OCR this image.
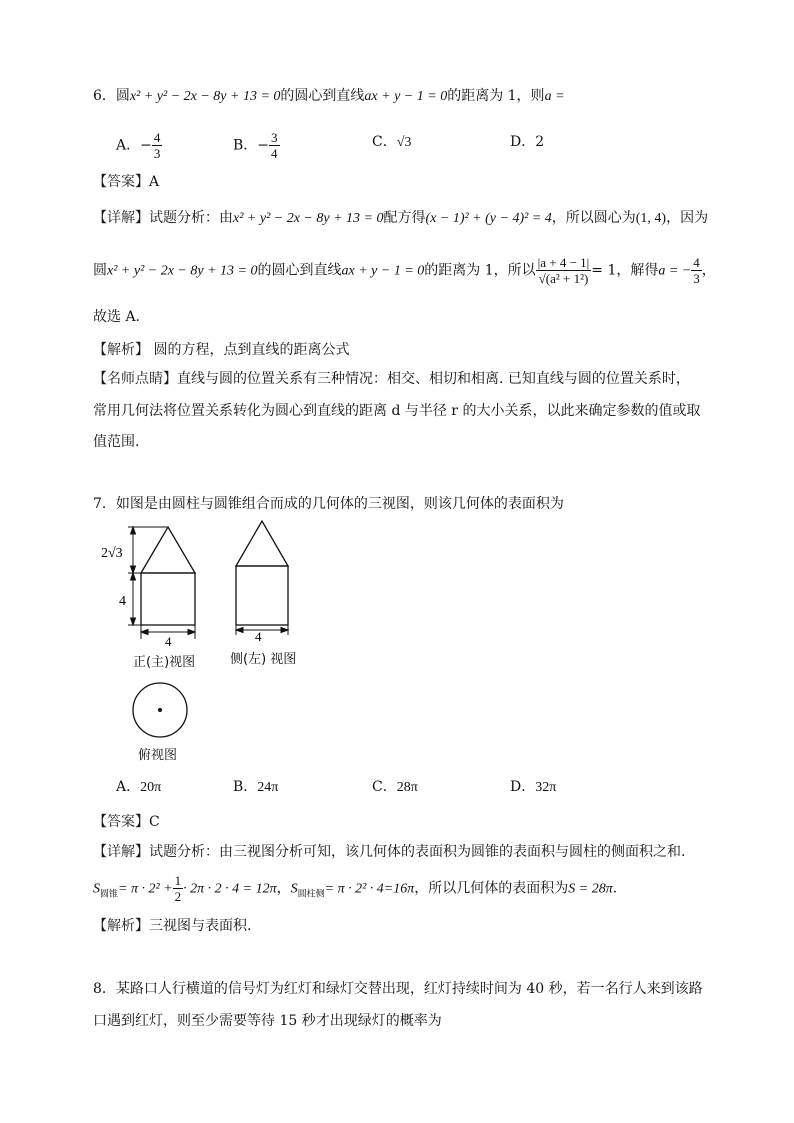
6．圆x² + y² − 2x − 8y + 13 = 0的圆心到直线ax + y − 1 = 0的距离为 1，则a =
A．− $\frac{4}{3}$	B．− $\frac{3}{4}$	C．√3	D．2
【答案】A
【详解】试题分析：由x² + y² − 2x − 8y + 13 = 0配方得(x − 1)² + (y − 4)² = 4，所以圆心为(1, 4)，因为
圆x² + y² − 2x − 8y + 13 = 0的圆心到直线ax + y − 1 = 0的距离为 1，所以 $\frac{|a + 4 - 1|}{\text{√(a² + 1²)}} = 1$，解得a = − $\frac{4}{3}$ ，
故选 A.
【解析】 圆的方程，点到直线的距离公式
【名师点睛】直线与圆的位置关系有三种情况：相交、相切和相离. 已知直线与圆的位置关系时，
常用几何法将位置关系转化为圆心到直线的距离 d 与半径 r 的大小关系，以此来确定参数的值或取
值范围.
7．如图是由圆柱与圆锥组合而成的几何体的三视图，则该几何体的表面积为
2√3
4
4	4
正(主)视图	侧(左) 视图
俯视图
A．20π	B．24π	C．28π	D．32π
【答案】C
【详解】试题分析：由三视图分析可知，该几何体的表面积为圆锥的表面积与圆柱的侧面积之和.
$S_{圆锥}= \pi \cdot 2^2 + \frac{1}{2} \cdot 2\pi \cdot 2 \cdot 4 = 12\pi$，$S_{圆柱侧}= \pi \cdot 2^2 \cdot 4=16\pi$，所以几何体的表面积为S = 28π.
【解析】三视图与表面积.
8．某路口人行横道的信号灯为红灯和绿灯交替出现，红灯持续时间为 40 秒，若一名行人来到该路
口遇到红灯，则至少需要等待 15 秒才出现绿灯的概率为
